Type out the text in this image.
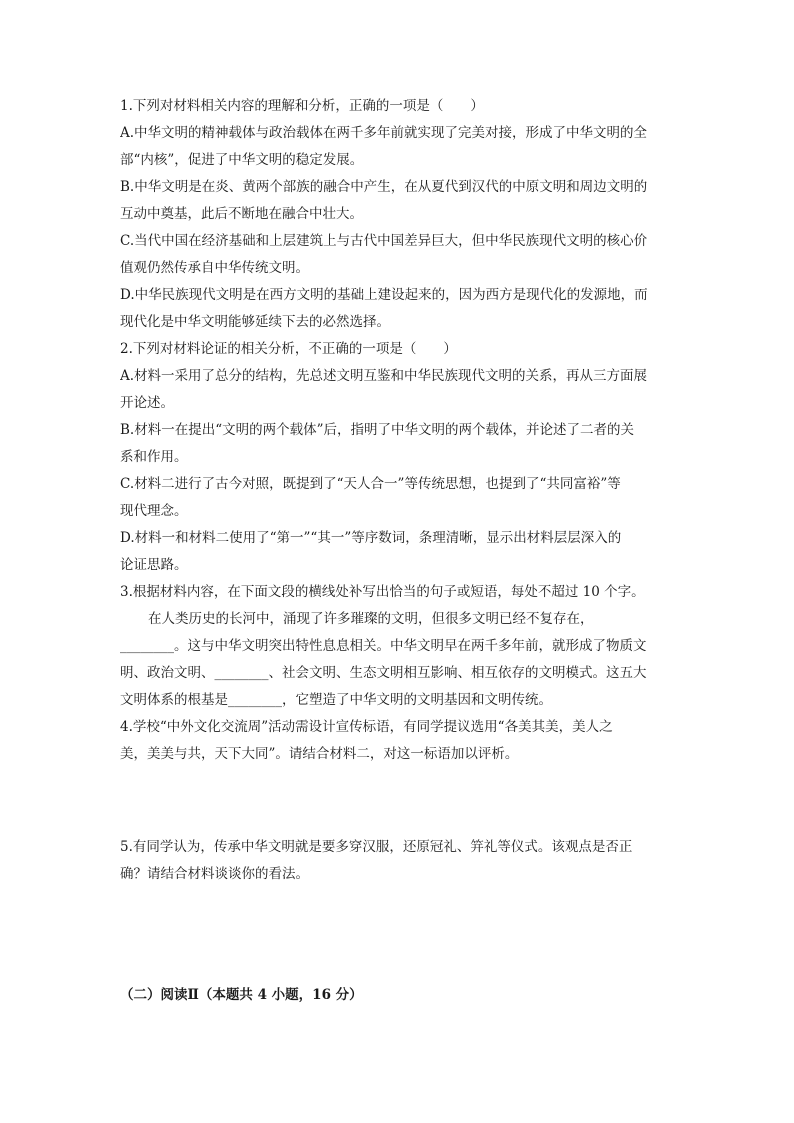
1.下列对材料相关内容的理解和分析，正确的一项是（　　）
A.中华文明的精神载体与政治载体在两千多年前就实现了完美对接，形成了中华文明的全
部“内核”，促进了中华文明的稳定发展。
B.中华文明是在炎、黄两个部族的融合中产生，在从夏代到汉代的中原文明和周边文明的
互动中奠基，此后不断地在融合中壮大。
C.当代中国在经济基础和上层建筑上与古代中国差异巨大，但中华民族现代文明的核心价
值观仍然传承自中华传统文明。
D.中华民族现代文明是在西方文明的基础上建设起来的，因为西方是现代化的发源地，而
现代化是中华文明能够延续下去的必然选择。
2.下列对材料论证的相关分析，不正确的一项是（　　）
A.材料一采用了总分的结构，先总述文明互鉴和中华民族现代文明的关系，再从三方面展
开论述。
B.材料一在提出“文明的两个载体”后，指明了中华文明的两个载体，并论述了二者的关
系和作用。
C.材料二进行了古今对照，既提到了“天人合一”等传统思想，也提到了“共同富裕”等
现代理念。
D.材料一和材料二使用了“第一”“其一”等序数词，条理清晰，显示出材料层层深入的
论证思路。
3.根据材料内容，在下面文段的横线处补写出恰当的句子或短语，每处不超过 10 个字。
在人类历史的长河中，涌现了许多璀璨的文明，但很多文明已经不复存在，
________。这与中华文明突出特性息息相关。中华文明早在两千多年前，就形成了物质文
明、政治文明、________、社会文明、生态文明相互影响、相互依存的文明模式。这五大
文明体系的根基是________，它塑造了中华文明的文明基因和文明传统。
4.学校“中外文化交流周”活动需设计宣传标语，有同学提议选用“各美其美，美人之
美，美美与共，天下大同”。请结合材料二，对这一标语加以评析。
5.有同学认为，传承中华文明就是要多穿汉服，还原冠礼、笄礼等仪式。该观点是否正
确？请结合材料谈谈你的看法。
（二）阅读Ⅱ（本题共 4 小题，16 分）
